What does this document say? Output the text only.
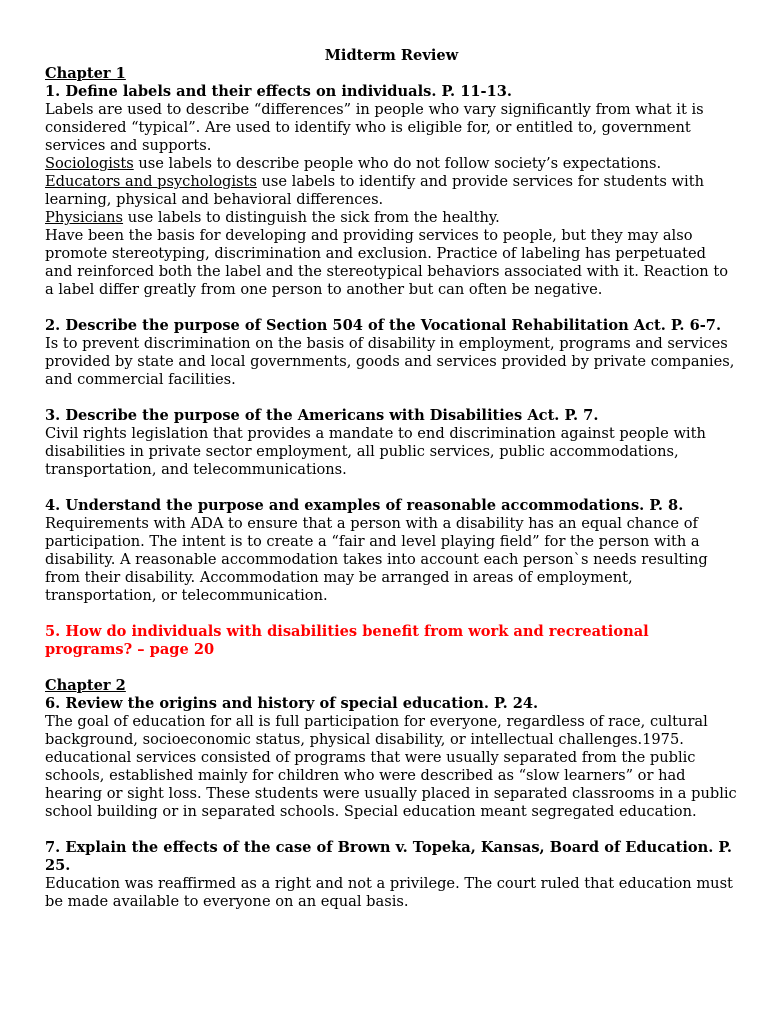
Midterm Review

Chapter 1

1. Define labels and their effects on individuals. P. 11-13.

Labels are used to describe “differences” in people who vary significantly from what it is considered “typical”. Are used to identify who is eligible for, or entitled to, government services and supports.

Sociologists use labels to describe people who do not follow society’s expectations.

Educators and psychologists use labels to identify and provide services for students with learning, physical and behavioral differences.

Physicians use labels to distinguish the sick from the healthy.

Have been the basis for developing and providing services to people, but they may also promote stereotyping, discrimination and exclusion. Practice of labeling has perpetuated and reinforced both the label and the stereotypical behaviors associated with it. Reaction to a label differ greatly from one person to another but can often be negative.

2. Describe the purpose of Section 504 of the Vocational Rehabilitation Act. P. 6-7.

Is to prevent discrimination on the basis of disability in employment, programs and services provided by state and local governments, goods and services provided by private companies, and commercial facilities.

3. Describe the purpose of the Americans with Disabilities Act. P. 7.

Civil rights legislation that provides a mandate to end discrimination against people with disabilities in private sector employment, all public services, public accommodations, transportation, and telecommunications.

4. Understand the purpose and examples of reasonable accommodations. P. 8.

Requirements with ADA to ensure that a person with a disability has an equal chance of participation. The intent is to create a “fair and level playing field” for the person with a disability. A reasonable accommodation takes into account each person`s needs resulting from their disability. Accommodation may be arranged in areas of employment, transportation, or telecommunication.

5. How do individuals with disabilities benefit from work and recreational programs? – page 20

Chapter 2

6. Review the origins and history of special education. P. 24.

The goal of education for all is full participation for everyone, regardless of race, cultural background, socioeconomic status, physical disability, or intellectual challenges.1975. educational services consisted of programs that were usually separated from the public schools, established mainly for children who were described as “slow learners” or had hearing or sight loss. These students were usually placed in separated classrooms in a public school building or in separated schools. Special education meant segregated education.

7. Explain the effects of the case of Brown v. Topeka, Kansas, Board of Education. P. 25.

Education was reaffirmed as a right and not a privilege. The court ruled that education must be made available to everyone on an equal basis.
